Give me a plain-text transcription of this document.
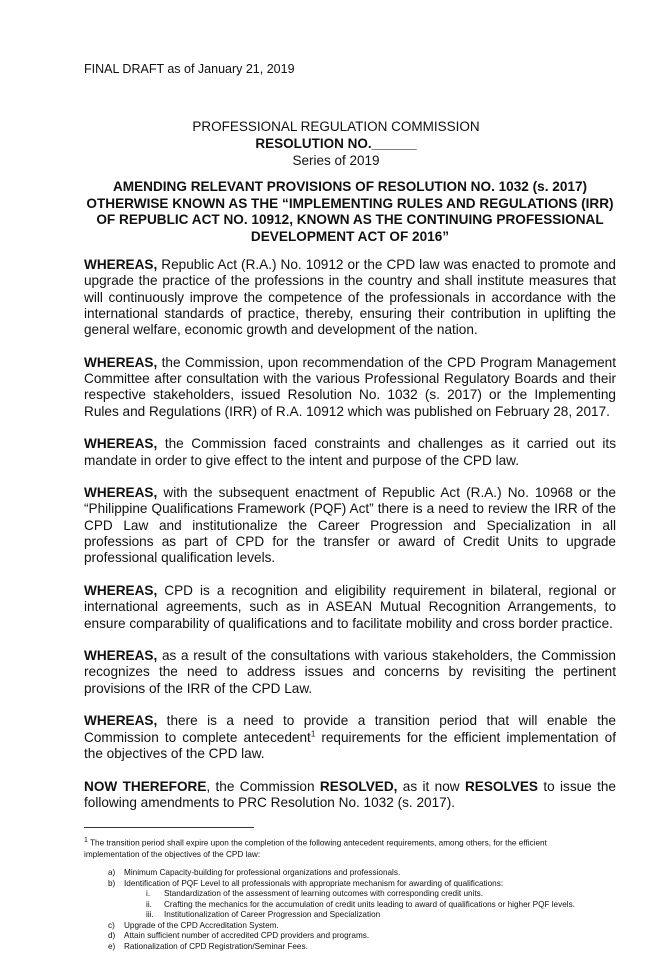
FINAL DRAFT as of January 21, 2019
PROFESSIONAL REGULATION COMMISSION
RESOLUTION NO.______
Series of 2019
AMENDING RELEVANT PROVISIONS OF RESOLUTION NO. 1032 (s. 2017) OTHERWISE KNOWN AS THE “IMPLEMENTING RULES AND REGULATIONS (IRR) OF REPUBLIC ACT NO. 10912, KNOWN AS THE CONTINUING PROFESSIONAL DEVELOPMENT ACT OF 2016”

WHEREAS, Republic Act (R.A.) No. 10912 or the CPD law was enacted to promote and upgrade the practice of the professions in the country and shall institute measures that will continuously improve the competence of the professionals in accordance with the international standards of practice, thereby, ensuring their contribution in uplifting the general welfare, economic growth and development of the nation.

WHEREAS, the Commission, upon recommendation of the CPD Program Management Committee after consultation with the various Professional Regulatory Boards and their respective stakeholders, issued Resolution No. 1032 (s. 2017) or the Implementing Rules and Regulations (IRR) of R.A. 10912 which was published on February 28, 2017.

WHEREAS, the Commission faced constraints and challenges as it carried out its mandate in order to give effect to the intent and purpose of the CPD law.

WHEREAS, with the subsequent enactment of Republic Act (R.A.) No. 10968 or the “Philippine Qualifications Framework (PQF) Act” there is a need to review the IRR of the CPD Law and institutionalize the Career Progression and Specialization in all professions as part of CPD for the transfer or award of Credit Units to upgrade professional qualification levels.

WHEREAS, CPD is a recognition and eligibility requirement in bilateral, regional or international agreements, such as in ASEAN Mutual Recognition Arrangements, to ensure comparability of qualifications and to facilitate mobility and cross border practice.

WHEREAS, as a result of the consultations with various stakeholders, the Commission recognizes the need to address issues and concerns by revisiting the pertinent provisions of the IRR of the CPD Law.

WHEREAS, there is a need to provide a transition period that will enable the Commission to complete antecedent$^1$ requirements for the efficient implementation of the objectives of the CPD law.

NOW THEREFORE, the Commission RESOLVED, as it now RESOLVES to issue the following amendments to PRC Resolution No. 1032 (s. 2017).

$^1$ The transition period shall expire upon the completion of the following antecedent requirements, among others, for the efficient implementation of the objectives of the CPD law:
a) Minimum Capacity-building for professional organizations and professionals.
b) Identification of PQF Level to all professionals with appropriate mechanism for awarding of qualifications:
i. Standardization of the assessment of learning outcomes with corresponding credit units.
ii. Crafting the mechanics for the accumulation of credit units leading to award of qualifications or higher PQF levels.
iii. Institutionalization of Career Progression and Specialization
c) Upgrade of the CPD Accreditation System.
d) Attain sufficient number of accredited CPD providers and programs.
e) Rationalization of CPD Registration/Seminar Fees.
